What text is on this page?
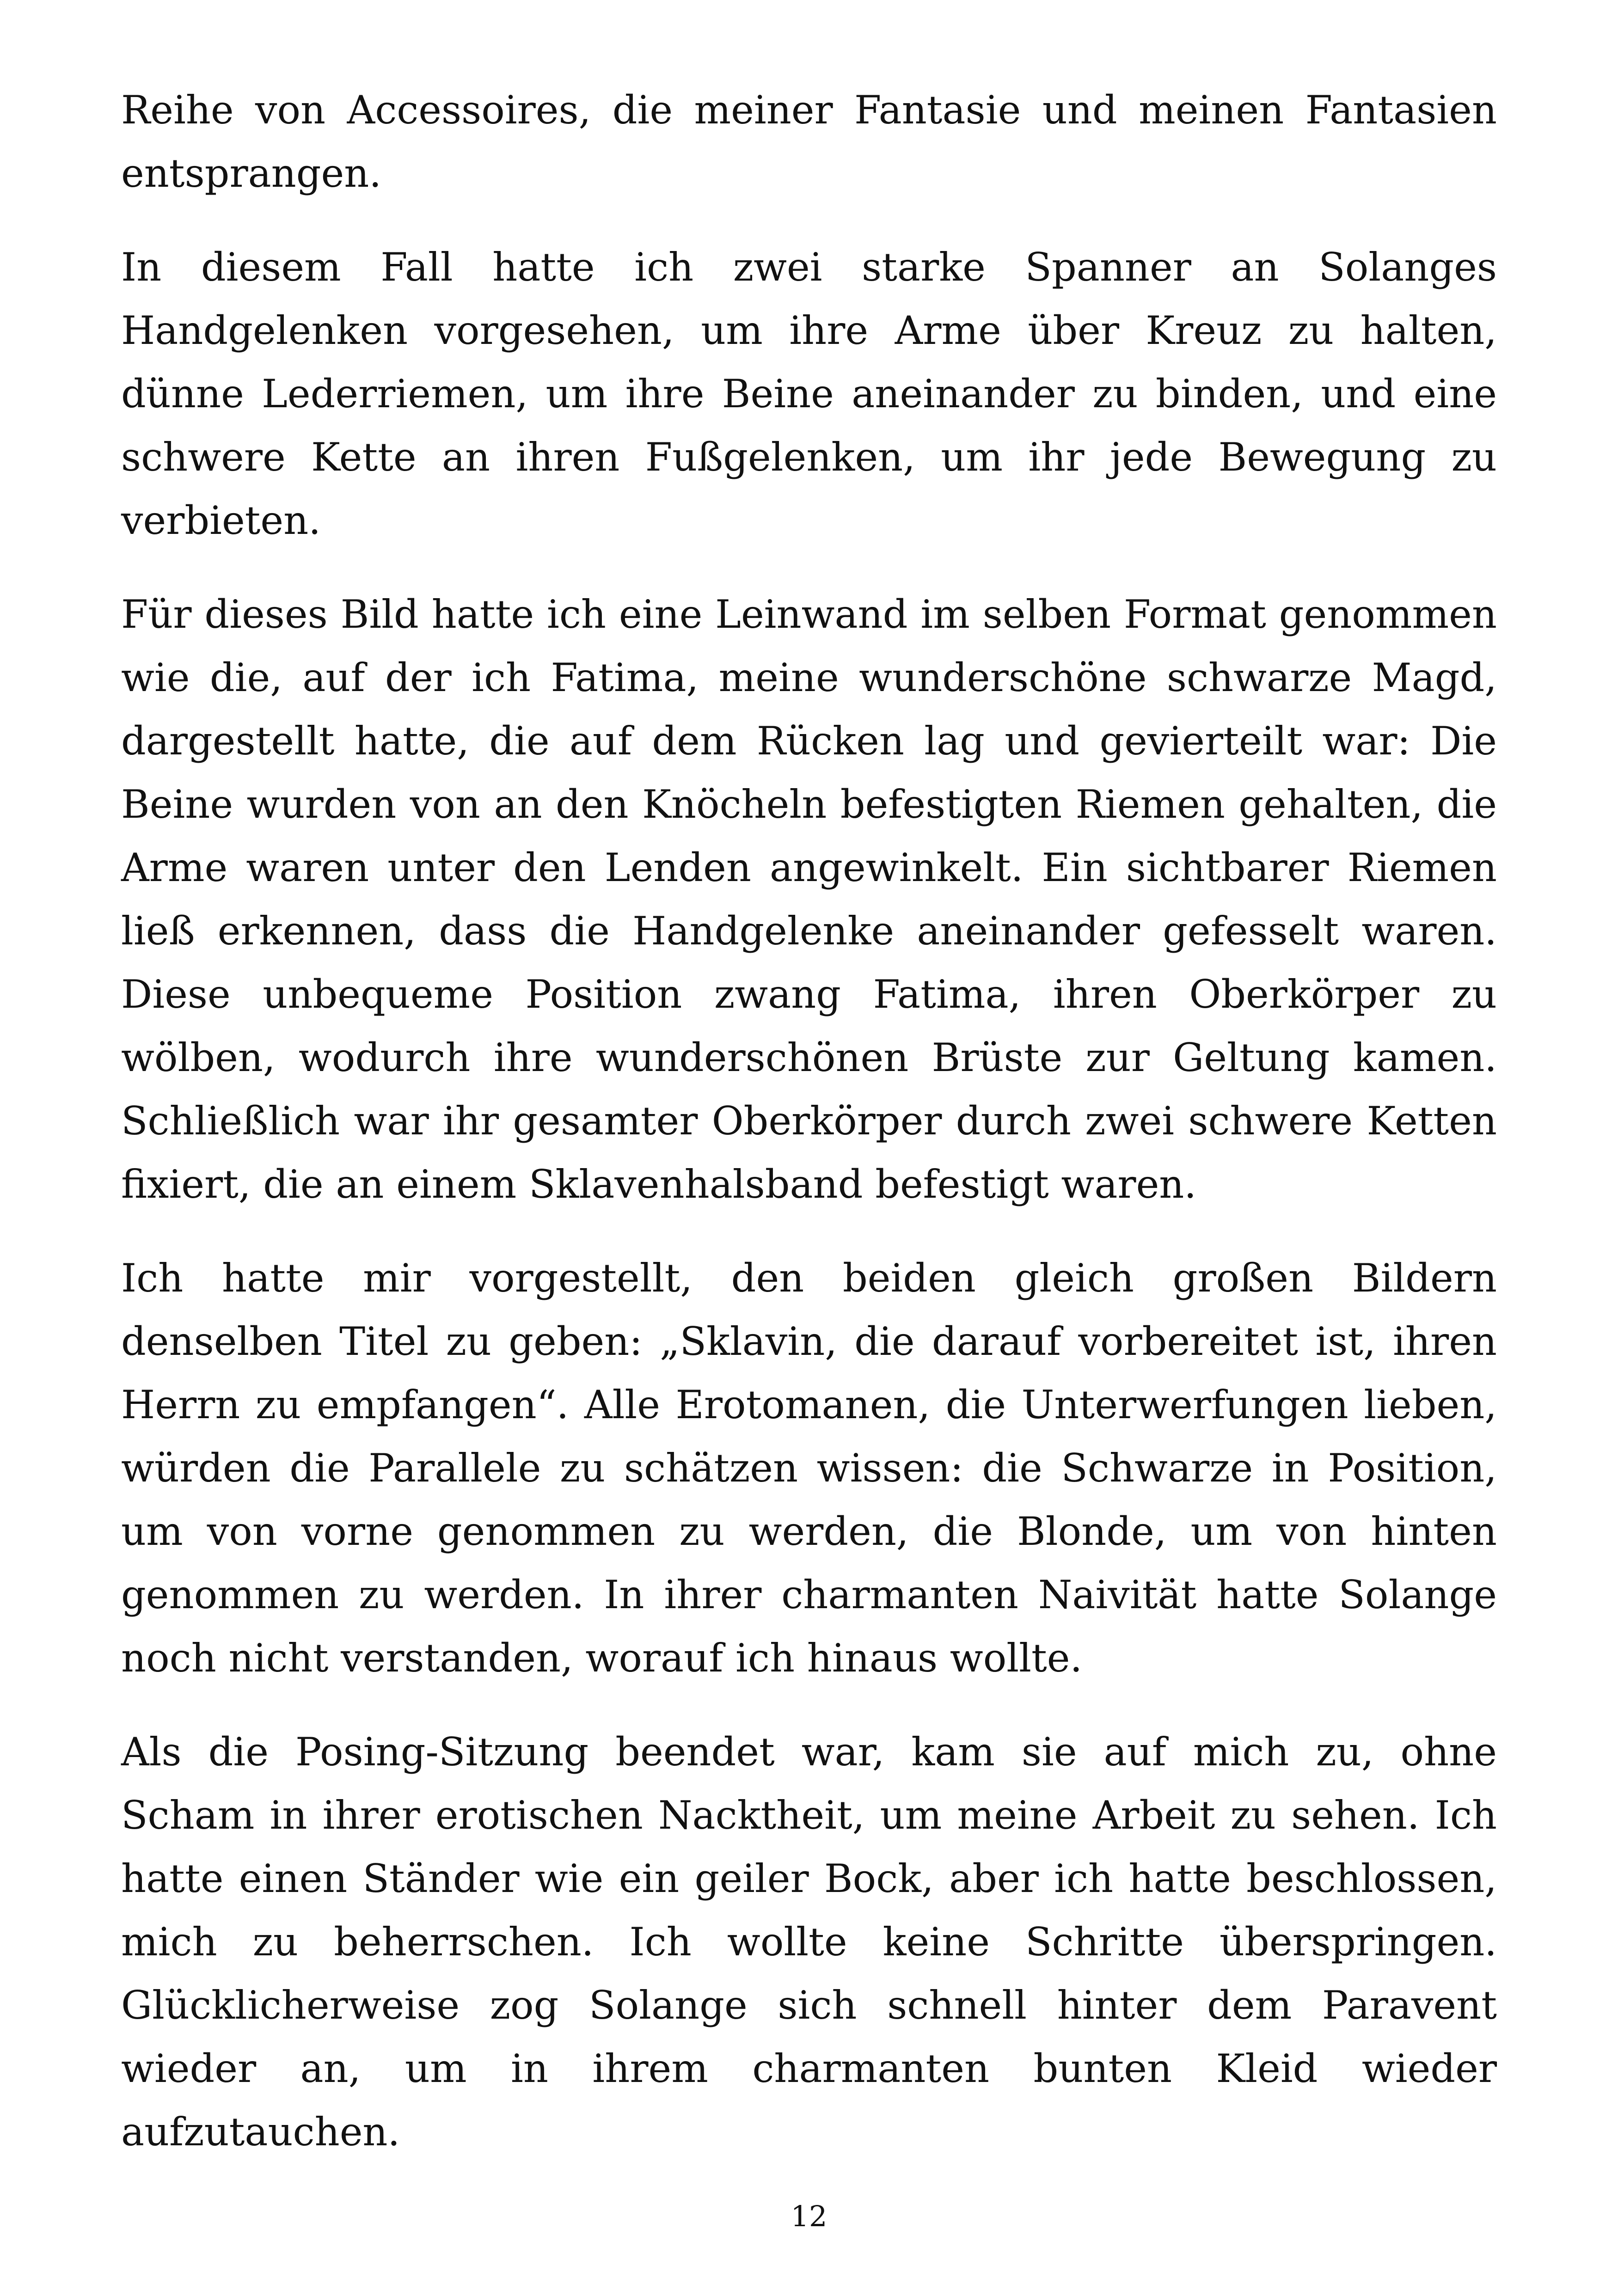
Reihe von Accessoires, die meiner Fantasie und meinen Fantasien entsprangen.

In diesem Fall hatte ich zwei starke Spanner an Solanges Handgelenken vorgesehen, um ihre Arme über Kreuz zu halten, dünne Lederriemen, um ihre Beine aneinander zu binden, und eine schwere Kette an ihren Fußgelenken, um ihr jede Bewegung zu verbieten.

Für dieses Bild hatte ich eine Leinwand im selben Format genommen wie die, auf der ich Fatima, meine wunderschöne schwarze Magd, dargestellt hatte, die auf dem Rücken lag und gevierteilt war: Die Beine wurden von an den Knöcheln befestigten Riemen gehalten, die Arme waren unter den Lenden angewinkelt. Ein sichtbarer Riemen ließ erkennen, dass die Handgelenke aneinander gefesselt waren. Diese unbequeme Position zwang Fatima, ihren Oberkörper zu wölben, wodurch ihre wunderschönen Brüste zur Geltung kamen. Schließlich war ihr gesamter Oberkörper durch zwei schwere Ketten fixiert, die an einem Sklavenhalsband befestigt waren.

Ich hatte mir vorgestellt, den beiden gleich großen Bildern denselben Titel zu geben: „Sklavin, die darauf vorbereitet ist, ihren Herrn zu empfangen“. Alle Erotomanen, die Unterwerfungen lieben, würden die Parallele zu schätzen wissen: die Schwarze in Position, um von vorne genommen zu werden, die Blonde, um von hinten genommen zu werden. In ihrer charmanten Naivität hatte Solange noch nicht verstanden, worauf ich hinaus wollte.

Als die Posing-Sitzung beendet war, kam sie auf mich zu, ohne Scham in ihrer erotischen Nacktheit, um meine Arbeit zu sehen. Ich hatte einen Ständer wie ein geiler Bock, aber ich hatte beschlossen, mich zu beherrschen. Ich wollte keine Schritte überspringen. Glücklicherweise zog Solange sich schnell hinter dem Paravent wieder an, um in ihrem charmanten bunten Kleid wieder aufzutauchen.

12
